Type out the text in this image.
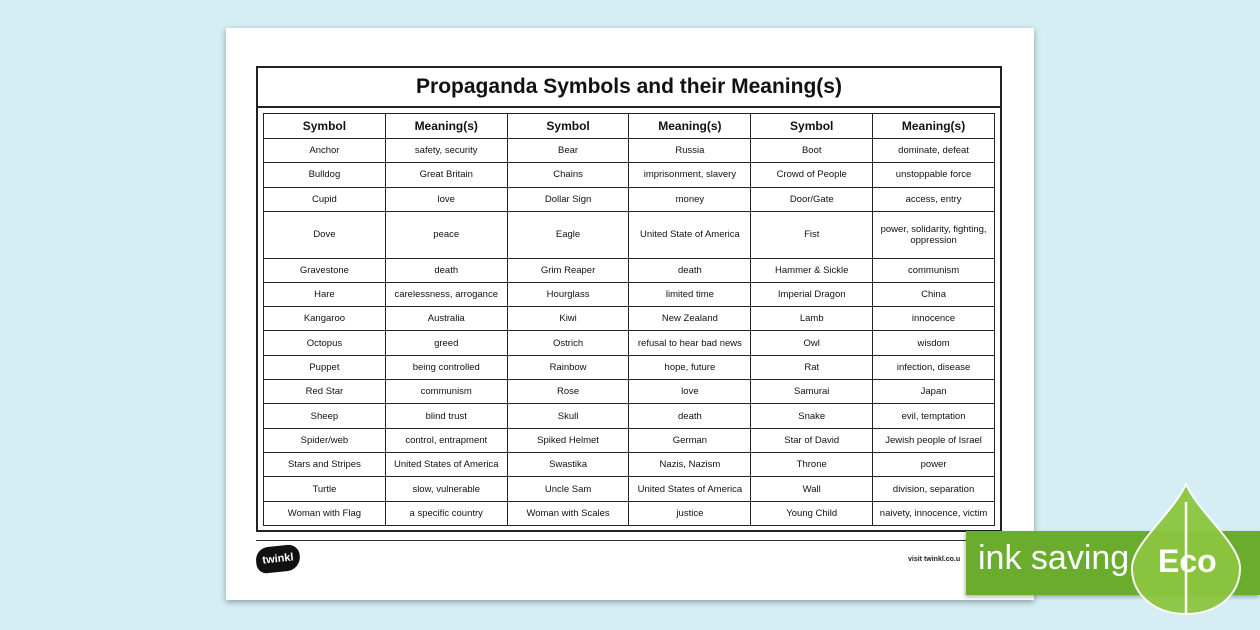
Propaganda Symbols and their Meaning(s)
Symbol	Meaning(s)	Symbol	Meaning(s)	Symbol	Meaning(s)
Anchor	safety, security	Bear	Russia	Boot	dominate, defeat
Bulldog	Great Britain	Chains	imprisonment, slavery	Crowd of People	unstoppable force
Cupid	love	Dollar Sign	money	Door/Gate	access, entry
Dove	peace	Eagle	United State of America	Fist	power, solidarity, fighting, oppression
Gravestone	death	Grim Reaper	death	Hammer & Sickle	communism
Hare	carelessness, arrogance	Hourglass	limited time	Imperial Dragon	China
Kangaroo	Australia	Kiwi	New Zealand	Lamb	innocence
Octopus	greed	Ostrich	refusal to hear bad news	Owl	wisdom
Puppet	being controlled	Rainbow	hope, future	Rat	infection, disease
Red Star	communism	Rose	love	Samurai	Japan
Sheep	blind trust	Skull	death	Snake	evil, temptation
Spider/web	control, entrapment	Spiked Helmet	German	Star of David	Jewish people of Israel
Stars and Stripes	United States of America	Swastika	Nazis, Nazism	Throne	power
Turtle	slow, vulnerable	Uncle Sam	United States of America	Wall	division, separation
Woman with Flag	a specific country	Woman with Scales	justice	Young Child	naivety, innocence, victim
twinkl	visit twinkl.co.u ink saving Eco
